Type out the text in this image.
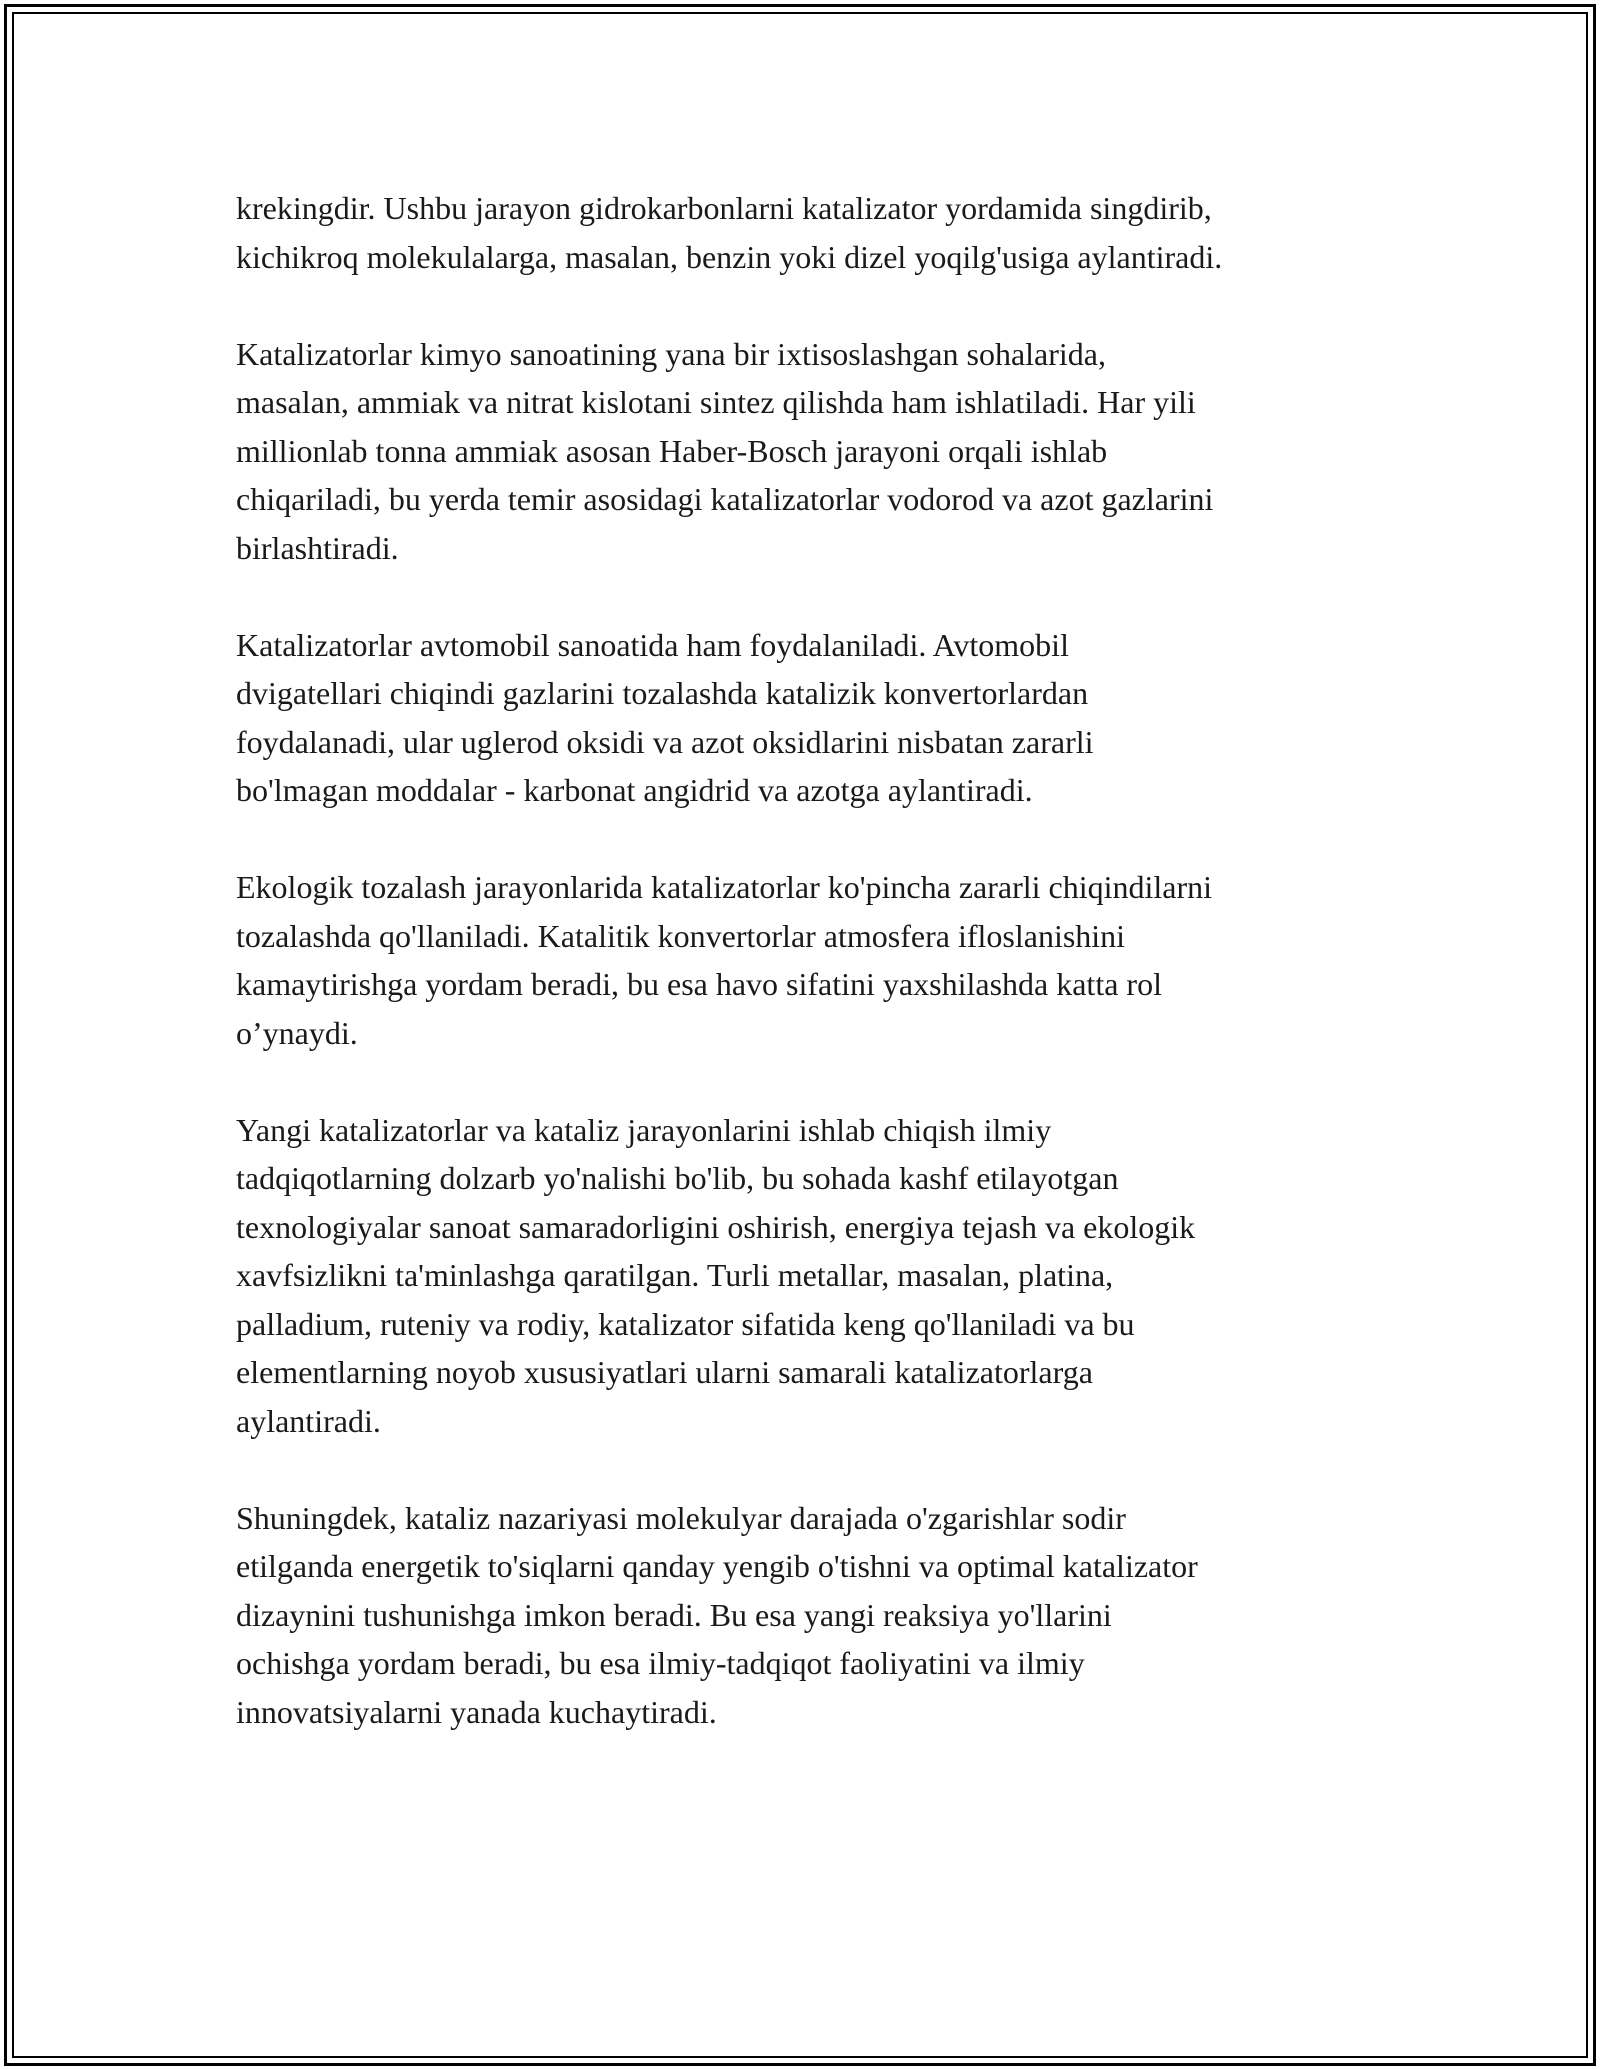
krekingdir. Ushbu jarayon gidrokarbonlarni katalizator yordamida singdirib,
kichikroq molekulalarga, masalan, benzin yoki dizel yoqilg'usiga aylantiradi.

Katalizatorlar kimyo sanoatining yana bir ixtisoslashgan sohalarida,
masalan, ammiak va nitrat kislotani sintez qilishda ham ishlatiladi. Har yili
millionlab tonna ammiak asosan Haber-Bosch jarayoni orqali ishlab
chiqariladi, bu yerda temir asosidagi katalizatorlar vodorod va azot gazlarini
birlashtiradi.

Katalizatorlar avtomobil sanoatida ham foydalaniladi. Avtomobil
dvigatellari chiqindi gazlarini tozalashda katalizik konvertorlardan
foydalanadi, ular uglerod oksidi va azot oksidlarini nisbatan zararli
bo'lmagan moddalar - karbonat angidrid va azotga aylantiradi.

Ekologik tozalash jarayonlarida katalizatorlar ko'pincha zararli chiqindilarni
tozalashda qo'llaniladi. Katalitik konvertorlar atmosfera ifloslanishini
kamaytirishga yordam beradi, bu esa havo sifatini yaxshilashda katta rol
o’ynaydi.

Yangi katalizatorlar va kataliz jarayonlarini ishlab chiqish ilmiy
tadqiqotlarning dolzarb yo'nalishi bo'lib, bu sohada kashf etilayotgan
texnologiyalar sanoat samaradorligini oshirish, energiya tejash va ekologik
xavfsizlikni ta'minlashga qaratilgan. Turli metallar, masalan, platina,
palladium, ruteniy va rodiy, katalizator sifatida keng qo'llaniladi va bu
elementlarning noyob xususiyatlari ularni samarali katalizatorlarga
aylantiradi.

Shuningdek, kataliz nazariyasi molekulyar darajada o'zgarishlar sodir
etilganda energetik to'siqlarni qanday yengib o'tishni va optimal katalizator
dizaynini tushunishga imkon beradi. Bu esa yangi reaksiya yo'llarini
ochishga yordam beradi, bu esa ilmiy-tadqiqot faoliyatini va ilmiy
innovatsiyalarni yanada kuchaytiradi.
